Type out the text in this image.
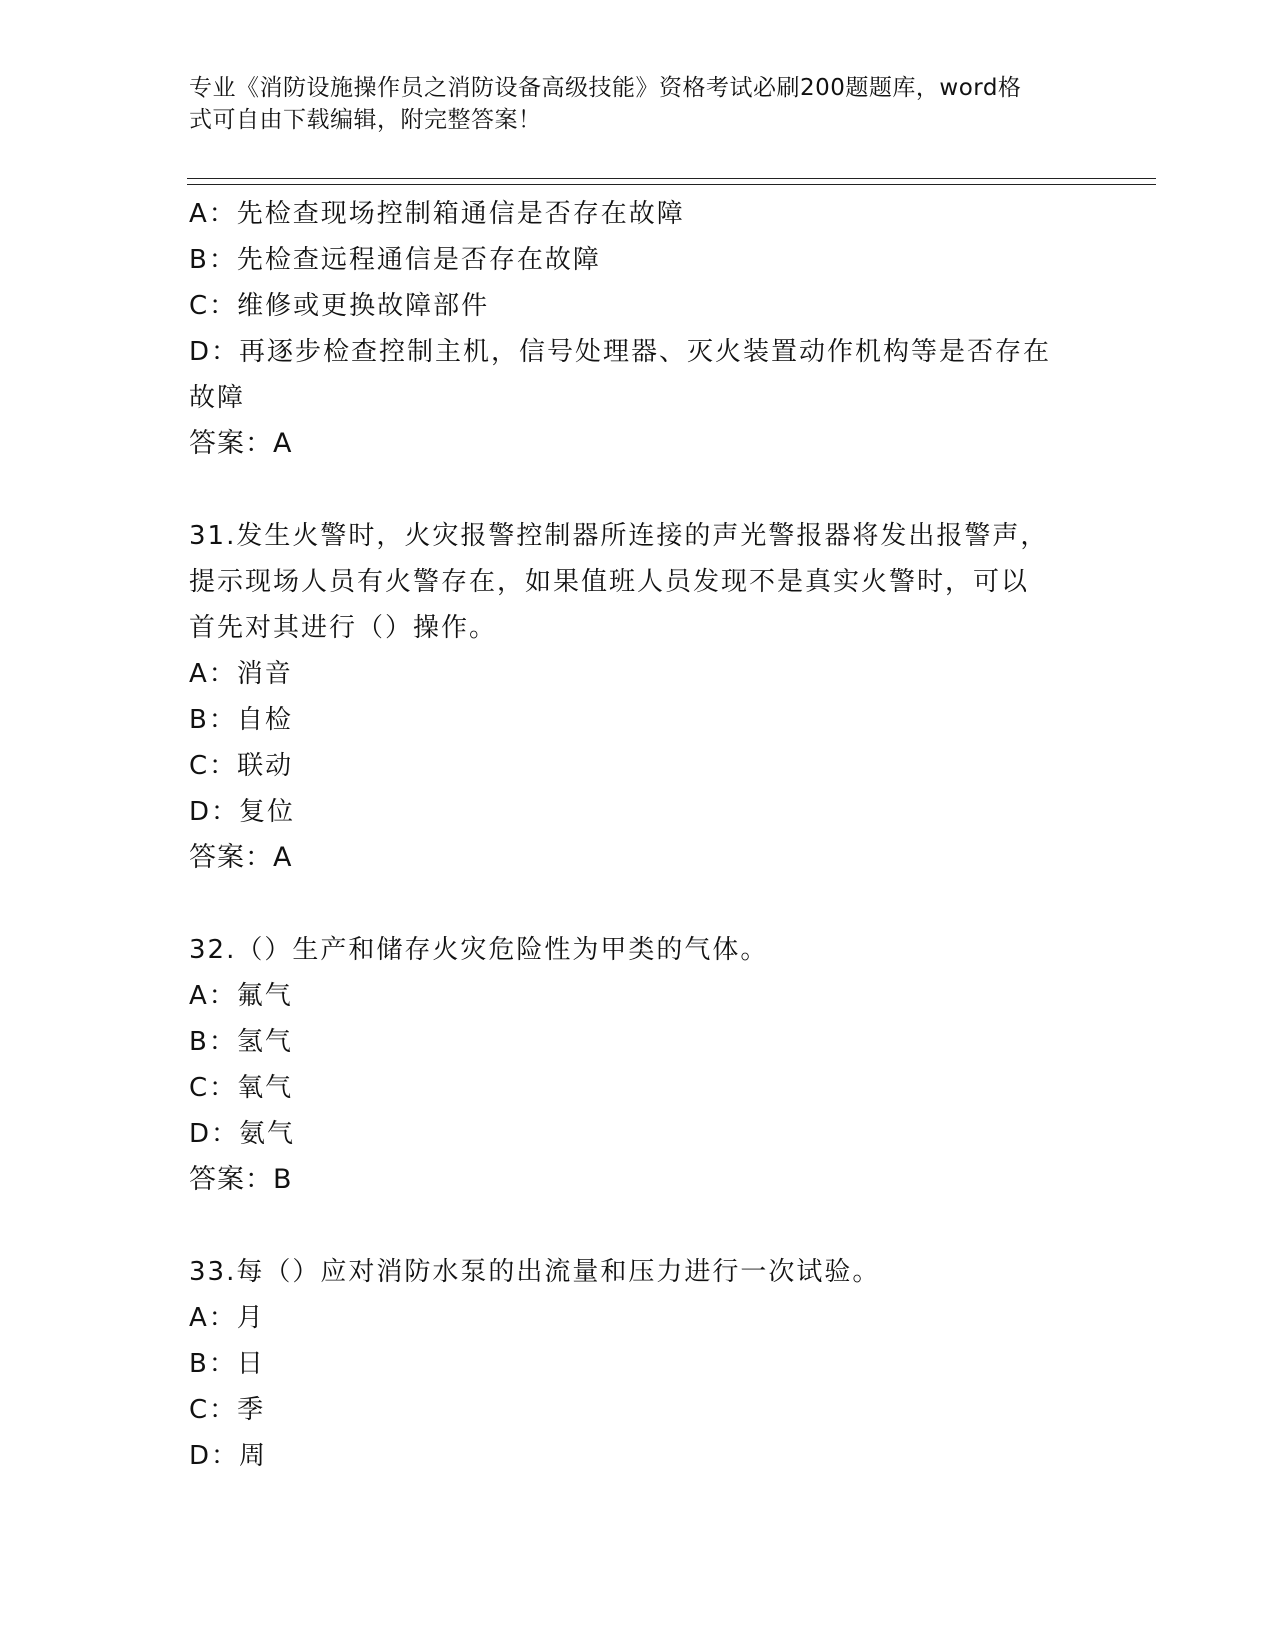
专业《消防设施操作员之消防设备高级技能》资格考试必刷200题题库，word格
式可自由下载编辑，附完整答案！
A：先检查现场控制箱通信是否存在故障
B：先检查远程通信是否存在故障
C：维修或更换故障部件
D：再逐步检查控制主机，信号处理器、灭火装置动作机构等是否存在
故障
答案：A
31.发生火警时，火灾报警控制器所连接的声光警报器将发出报警声，
提示现场人员有火警存在，如果值班人员发现不是真实火警时，可以
首先对其进行（）操作。
A：消音
B：自检
C：联动
D：复位
答案：A
32.（）生产和储存火灾危险性为甲类的气体。
A：氟气
B：氢气
C：氧气
D：氨气
答案：B
33.每（）应对消防水泵的出流量和压力进行一次试验。
A：月
B：日
C：季
D：周
